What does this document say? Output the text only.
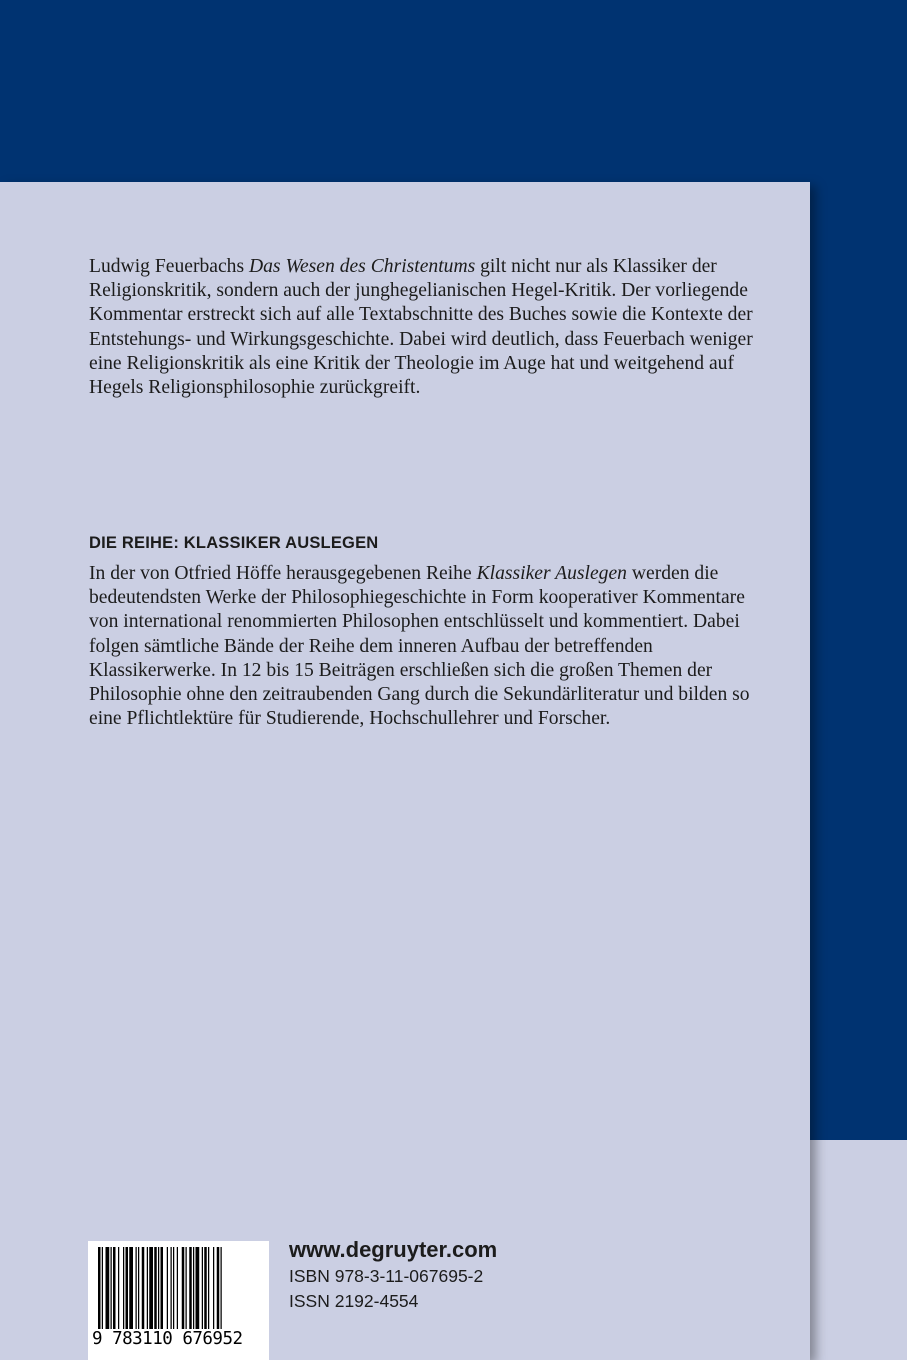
Ludwig Feuerbachs Das Wesen des Christentums gilt nicht nur als Klassiker der Religionskritik, sondern auch der junghegelianischen Hegel-Kritik. Der vorliegende Kommentar erstreckt sich auf alle Textabschnitte des Buches sowie die Kontexte der Entstehungs- und Wirkungsgeschichte. Dabei wird deutlich, dass Feuerbach weniger eine Religionskritik als eine Kritik der Theologie im Auge hat und weitgehend auf Hegels Religionsphilosophie zurückgreift.

DIE REIHE: KLASSIKER AUSLEGEN

In der von Otfried Höffe herausgegebenen Reihe Klassiker Auslegen werden die bedeutendsten Werke der Philosophiegeschichte in Form kooperativer Kommentare von international renommierten Philosophen entschlüsselt und kommentiert. Dabei folgen sämtliche Bände der Reihe dem inneren Aufbau der betreffenden Klassikerwerke. In 12 bis 15 Beiträgen erschließen sich die großen Themen der Philosophie ohne den zeitraubenden Gang durch die Sekundärliteratur und bilden so eine Pflichtlektüre für Studierende, Hochschullehrer und Forscher.

9 783110 676952
www.degruyter.com
ISBN 978-3-11-067695-2
ISSN 2192-4554
